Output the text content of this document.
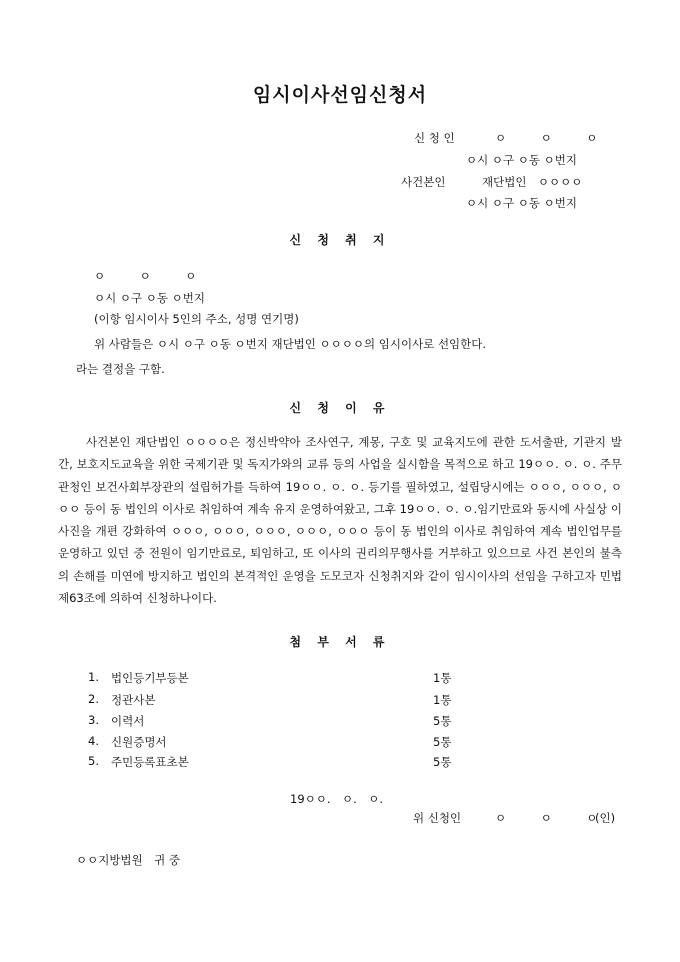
임시이사선임신청서
신 청 인	ㅇ　　　ㅇ　　　ㅇ
ㅇ시 ㅇ구 ㅇ동 ㅇ번지
사건본인	재단법인　ㅇㅇㅇㅇ
ㅇ시 ㅇ구 ㅇ동 ㅇ번지
신 청 취 지
ㅇ　　　ㅇ　　　ㅇ
ㅇ시 ㅇ구 ㅇ동 ㅇ번지
(이항 임시이사 5인의 주소, 성명 연기명)
위 사람들은 ㅇ시 ㅇ구 ㅇ동 ㅇ번지 재단법인 ㅇㅇㅇㅇ의 임시이사로 선임한다.
라는 결정을 구함.
신 청 이 유
사건본인 재단법인 ㅇㅇㅇㅇ은 정신박약아 조사연구, 계몽, 구호 및 교육지도에 관한 도서출판, 기관지 발간, 보호지도교육을 위한 국제기관 및 독지가와의 교류 등의 사업을 실시함을 목적으로 하고 19ㅇㅇ. ㅇ. ㅇ. 주무관청인 보건사회부장관의 설립허가를 득하여 19ㅇㅇ. ㅇ. ㅇ. 등기를 필하였고, 설립당시에는 ㅇㅇㅇ, ㅇㅇㅇ, ㅇㅇㅇ 등이 동 법인의 이사로 취임하여 계속 유지 운영하여왔고, 그후 19ㅇㅇ. ㅇ. ㅇ.임기만료와 동시에 사실상 이사진을 개편 강화하여 ㅇㅇㅇ, ㅇㅇㅇ, ㅇㅇㅇ, ㅇㅇㅇ, ㅇㅇㅇ 등이 동 법인의 이사로 취임하여 계속 법인업무를 운영하고 있던 중 전원이 임기만료로, 퇴임하고, 또 이사의 권리의무행사를 거부하고 있으므로 사건 본인의 불측의 손해를 미연에 방지하고 법인의 본격적인 운영을 도모코자 신청취지와 같이 임시이사의 선임을 구하고자 민법 제63조에 의하여 신청하나이다.
첨 부 서 류
1. 법인등기부등본	1통
2. 정관사본	1통
3. 이력서	5통
4. 신원증명서	5통
5. 주민등록표초본	5통
19ㅇㅇ.　ㅇ.　ㅇ.
위 신청인	ㅇ　　　ㅇ　　　ㅇ
(인)
ㅇㅇ지방법원　귀 중
